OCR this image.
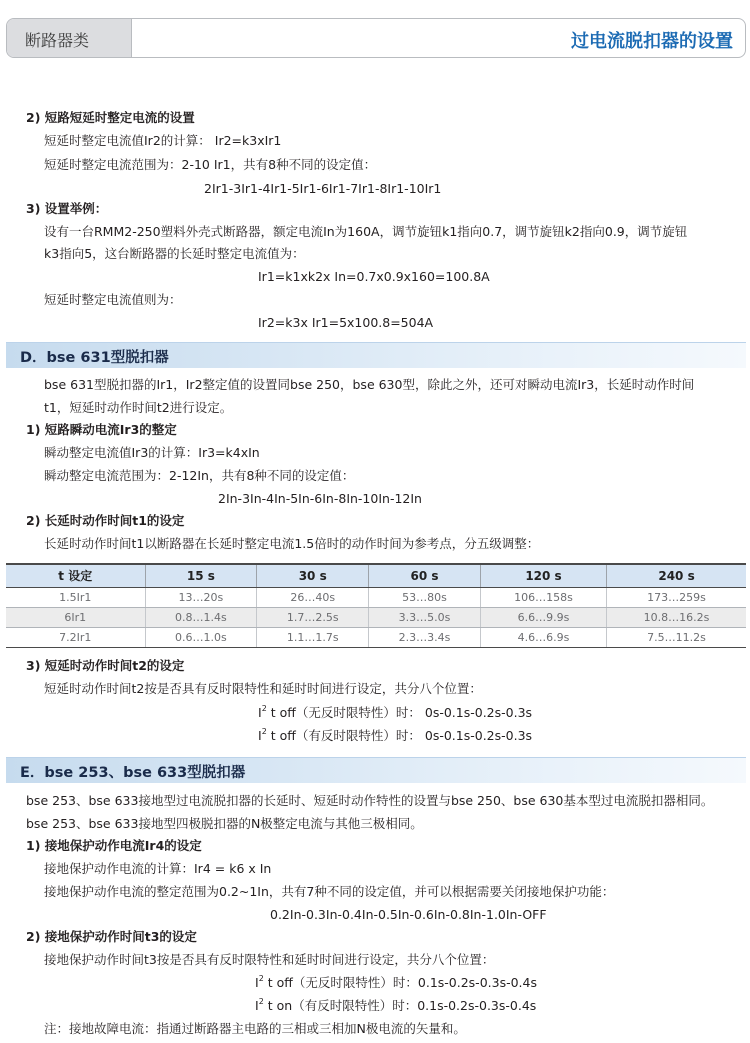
断路器类	过电流脱扣器的设置
2) 短路短延时整定电流的设置
短延时整定电流值Ir2的计算： Ir2=k3xIr1
短延时整定电流范围为：2-10 Ir1，共有8种不同的设定值：
2Ir1-3Ir1-4Ir1-5Ir1-6Ir1-7Ir1-8Ir1-10Ir1
3) 设置举例：
设有一台RMM2-250塑料外壳式断路器，额定电流In为160A，调节旋钮k1指向0.7，调节旋钮k2指向0.9，调节旋钮
k3指向5，这台断路器的长延时整定电流值为：
Ir1=k1xk2x In=0.7x0.9x160=100.8A
短延时整定电流值则为：
Ir2=k3x Ir1=5x100.8=504A
D．bse 631型脱扣器
bse 631型脱扣器的Ir1，Ir2整定值的设置同bse 250，bse 630型，除此之外，还可对瞬动电流Ir3，长延时动作时间
t1，短延时动作时间t2进行设定。
1) 短路瞬动电流Ir3的整定
瞬动整定电流值Ir3的计算：Ir3=k4xIn
瞬动整定电流范围为：2-12In，共有8种不同的设定值：
2In-3In-4In-5In-6In-8In-10In-12In
2) 长延时动作时间t1的设定
长延时动作时间t1以断路器在长延时整定电流1.5倍时的动作时间为参考点，分五级调整：
t 设定	15 s	30 s	60 s	120 s	240 s
1.5Ir1	13…20s	26…40s	53…80s	106…158s	173…259s
6Ir1	0.8…1.4s	1.7…2.5s	3.3…5.0s	6.6…9.9s	10.8…16.2s
7.2Ir1	0.6…1.0s	1.1…1.7s	2.3…3.4s	4.6…6.9s	7.5…11.2s
3) 短延时动作时间t2的设定
短延时动作时间t2按是否具有反时限特性和延时时间进行设定，共分八个位置：
$I^2$ t off（无反时限特性）时： 0s-0.1s-0.2s-0.3s
$I^2$ t off（有反时限特性）时： 0s-0.1s-0.2s-0.3s
E．bse 253、bse 633型脱扣器
bse 253、bse 633接地型过电流脱扣器的长延时、短延时动作特性的设置与bse 250、bse 630基本型过电流脱扣器相同。
bse 253、bse 633接地型四极脱扣器的N极整定电流与其他三极相同。
1) 接地保护动作电流Ir4的设定
接地保护动作电流的计算：Ir4 = k6 x In
接地保护动作电流的整定范围为0.2~1In，共有7种不同的设定值，并可以根据需要关闭接地保护功能：
0.2In-0.3In-0.4In-0.5In-0.6In-0.8In-1.0In-OFF
2) 接地保护动作时间t3的设定
接地保护动作时间t3按是否具有反时限特性和延时时间进行设定，共分八个位置：
$I^2$ t off（无反时限特性）时：0.1s-0.2s-0.3s-0.4s
$I^2$ t on（有反时限特性）时：0.1s-0.2s-0.3s-0.4s
注：接地故障电流：指通过断路器主电路的三相或三相加N极电流的矢量和。
